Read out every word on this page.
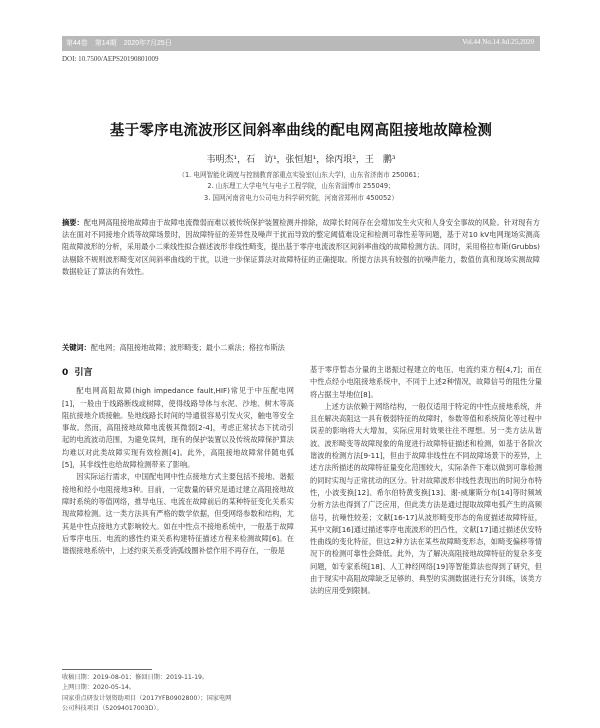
第44卷　第14期　2020年7月25日	Vol.44 No.14 Jul.25,2020
DOI: 10.7500/AEPS20190801009
基于零序电流波形区间斜率曲线的配电网高阻接地故障检测
韦明杰¹，石　访¹，张恒旭¹，徐丙垠²，王　鹏³
（1. 电网智能化调度与控制教育部重点实验室(山东大学)，山东省济南市 250061；
2. 山东理工大学电气与电子工程学院，山东省淄博市 255049；
3. 国网河南省电力公司电力科学研究院，河南省郑州市 450052）
摘要：配电网高阻接地故障由于故障电流微弱而难以被传统保护装置检测并排除，故障长时间存在会增加发生火灾和人身安全事故的风险。针对现有方法在面对不同接地介质等故障场景时，因故障特征的差异性及噪声干扰而导致的整定阈值难设定和检测可靠性差等问题，基于对10 kV电网现场实测高阻故障波形的分析，采用最小二乘线性拟合描述波形非线性畸变，提出基于零序电流波形区间斜率曲线的故障检测方法。同时，采用格拉布斯(Grubbs)法剔除不规则波形畸变对区间斜率曲线的干扰，以进一步保证算法对故障特征的正确提取。所提方法具有较强的抗噪声能力，数值仿真和现场实测故障数据验证了算法的有效性。
关键词：配电网；高阻接地故障；波形畸变；最小二乘法；格拉布斯法
0 引言

配电网高阻故障(high impedance fault,HIF)常见于中压配电网[1]，一般由于线路断线或树障，使得线路导体与水泥、沙地、树木等高阻抗接地介质接触。坠地线路长时间的导通很容易引发火灾，触电等安全事故。然而，高阻接地故障电流极其微弱[2-4]，考虑正常状态下扰动引起的电流波动范围，为避免误判，现有的保护装置以及传统故障保护算法均难以对此类故障实现有效检测[4]。此外，高阻接地故障常伴随电弧[5]，其非线性也给故障检测带来了影响。

因实际运行需求，中国配电网中性点接地方式主要包括不接地、谐振接地和经小电阻接地3种。目前，一定数量的研究是通过建立高阻接地故障时系统的等值网络，推导电压、电流在故障前后的某种特征变化关系实现故障检测。这一类方法具有严格的数学依据，但受网络参数和结构，尤其是中性点接地方式影响较大。如在中性点不接地系统中，一般基于故障后零序电压、电流的感性约束关系构建特征描述方程来检测故障[6]。在谐振接地系统中，上述约束关系受消弧线圈补偿作用不再存在，一般是

基于零序暂态分量的主谐振过程建立的电压、电流约束方程[4,7]；而在中性点经小电阻接地系统中，不同于上述2种情况，故障信号的阻性分量将占据主导地位[8]。

上述方法依赖于网络结构，一般仅适用于特定的中性点接地系统，并且在解决高阻这一具有极弱特征的故障时，参数等值和系统简化等过程中误差的影响将大大增加，实际应用时效果往往不理想。另一类方法从谐波、波形畸变等故障现象的角度进行故障特征描述和检测，如基于各阶次谐波的检测方法[9-11]，但由于故障非线性在不同故障场景下的差异，上述方法所描述的故障特征量变化范围较大，实际条件下难以做到可靠检测的同时实现与正常扰动的区分。针对故障波形非线性表现出的时间分布特性，小波变换[12]、希尔伯特黄变换[13]、谢-威廉斯分布[14]等时频域分析方法也得到了广泛应用，但此类方法是通过提取故障电弧产生的高频信号，抗噪性较差；文献[16-17]从波形畸变形态的角度描述故障特征，其中文献[16]通过描述零序电流波形的凹凸性，文献[17]通过描述伏安特性曲线的变化特征，但这2种方法在某些故障畸变形态，如畸变偏移等情况下的检测可靠性会降低。此外，为了解决高阻接地故障特征的复杂多变问题，如专家系统[18]、人工神经网络[19]等智能算法也得到了研究，但由于现实中高阻故障缺乏足够的、典型的实测数据进行充分训练，该类方法的应用受到限制。

收稿日期：2019-08-01；修回日期：2019-11-19。
上网日期：2020-05-14。
国家重点研发计划资助项目（2017YFB0902800）；国家电网
公司科技项目（52094017003D）。
